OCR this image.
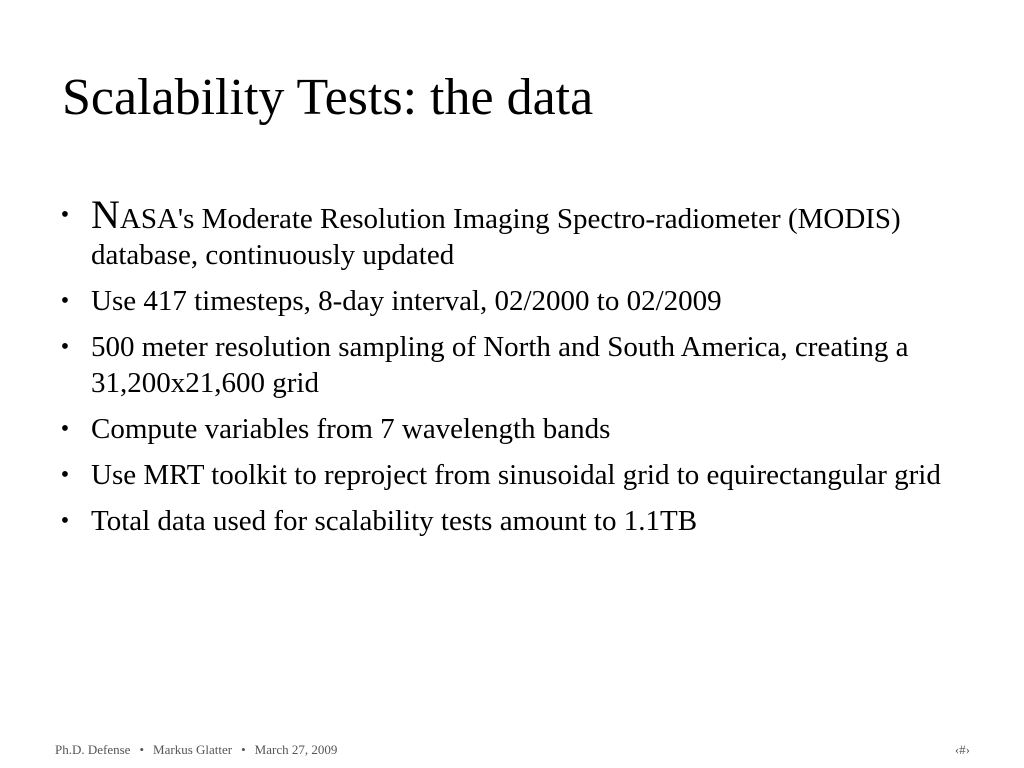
Scalability Tests: the data
• NASA's Moderate Resolution Imaging Spectro-radiometer (MODIS) database, continuously updated
• Use 417 timesteps, 8-day interval, 02/2000 to 02/2009
• 500 meter resolution sampling of North and South America, creating a 31,200x21,600 grid
• Compute variables from 7 wavelength bands
• Use MRT toolkit to reproject from sinusoidal grid to equirectangular grid
• Total data used for scalability tests amount to 1.1TB
Ph.D. Defense • Markus Glatter • March 27, 2009	‹#›
